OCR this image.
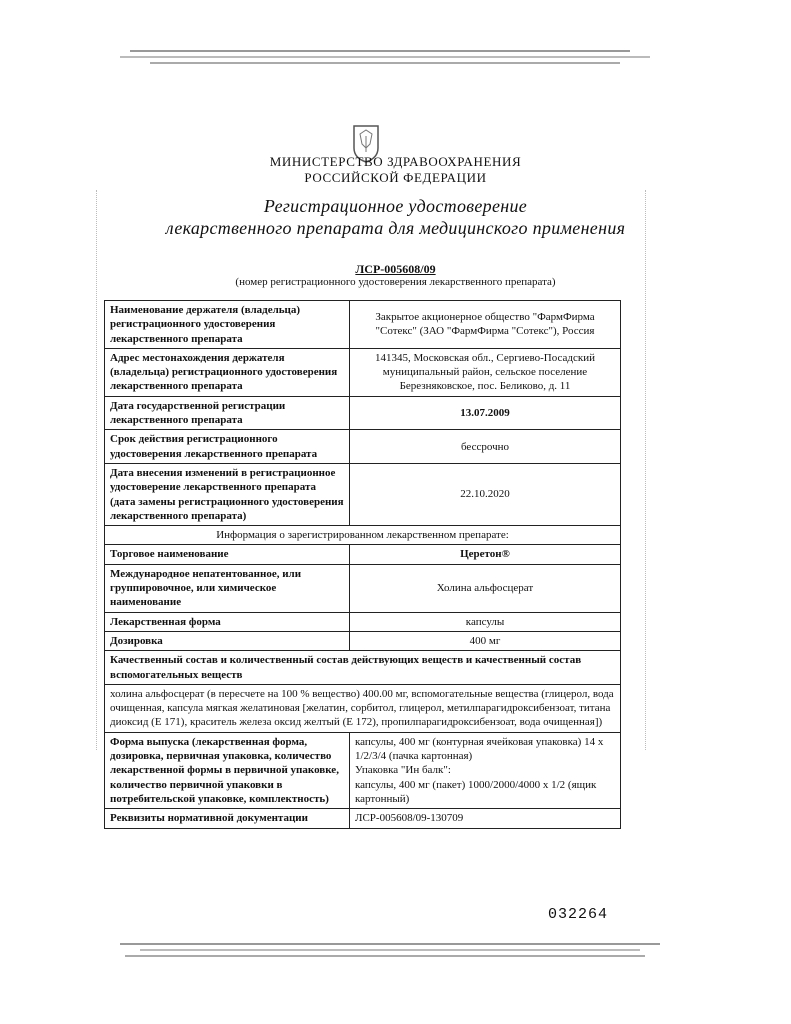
МИНИСТЕРСТВО ЗДРАВООХРАНЕНИЯ
РОССИЙСКОЙ ФЕДЕРАЦИИ
Регистрационное удостоверение
лекарственного препарата для медицинского применения
ЛСР-005608/09
(номер регистрационного удостоверения лекарственного препарата)
Наименование держателя (владельца) регистрационного удостоверения лекарственного препарата	Закрытое акционерное общество "ФармФирма "Сотекс" (ЗАО "ФармФирма "Сотекс"), Россия
Адрес местонахождения держателя (владельца) регистрационного удостоверения лекарственного препарата	141345, Московская обл., Сергиево-Посадский муниципальный район, сельское поселение Березняковское, пос. Беликово, д. 11
Дата государственной регистрации лекарственного препарата	13.07.2009
Срок действия регистрационного удостоверения лекарственного препарата	бессрочно
Дата внесения изменений в регистрационное удостоверение лекарственного препарата (дата замены регистрационного удостоверения лекарственного препарата)	22.10.2020
Информация о зарегистрированном лекарственном препарате:	
Торговое наименование	Церетон®
Международное непатентованное, или группировочное, или химическое наименование	Холина альфосцерат
Лекарственная форма	капсулы
Дозировка	400 мг
Качественный состав и количественный состав действующих веществ и качественный состав вспомогательных веществ	
холина альфосцерат (в пересчете на 100 % вещество) 400.00 мг, вспомогательные вещества (глицерол, вода очищенная, капсула мягкая желатиновая [желатин, сорбитол, глицерол, метилпарагидроксибензоат, титана диоксид (Е 171), краситель железа оксид желтый (Е 172), пропилпарагидроксибензоат, вода очищенная])	
Форма выпуска (лекарственная форма, дозировка, первичная упаковка, количество лекарственной формы в первичной упаковке, количество первичной упаковки в потребительской упаковке, комплектность)	капсулы, 400 мг (контурная ячейковая упаковка) 14 х 1/2/3/4 (пачка картонная)
Упаковка "Ин балк":
капсулы, 400 мг (пакет) 1000/2000/4000 х 1/2 (ящик картонный)

Реквизиты нормативной документации	ЛСР-005608/09-130709
032264
